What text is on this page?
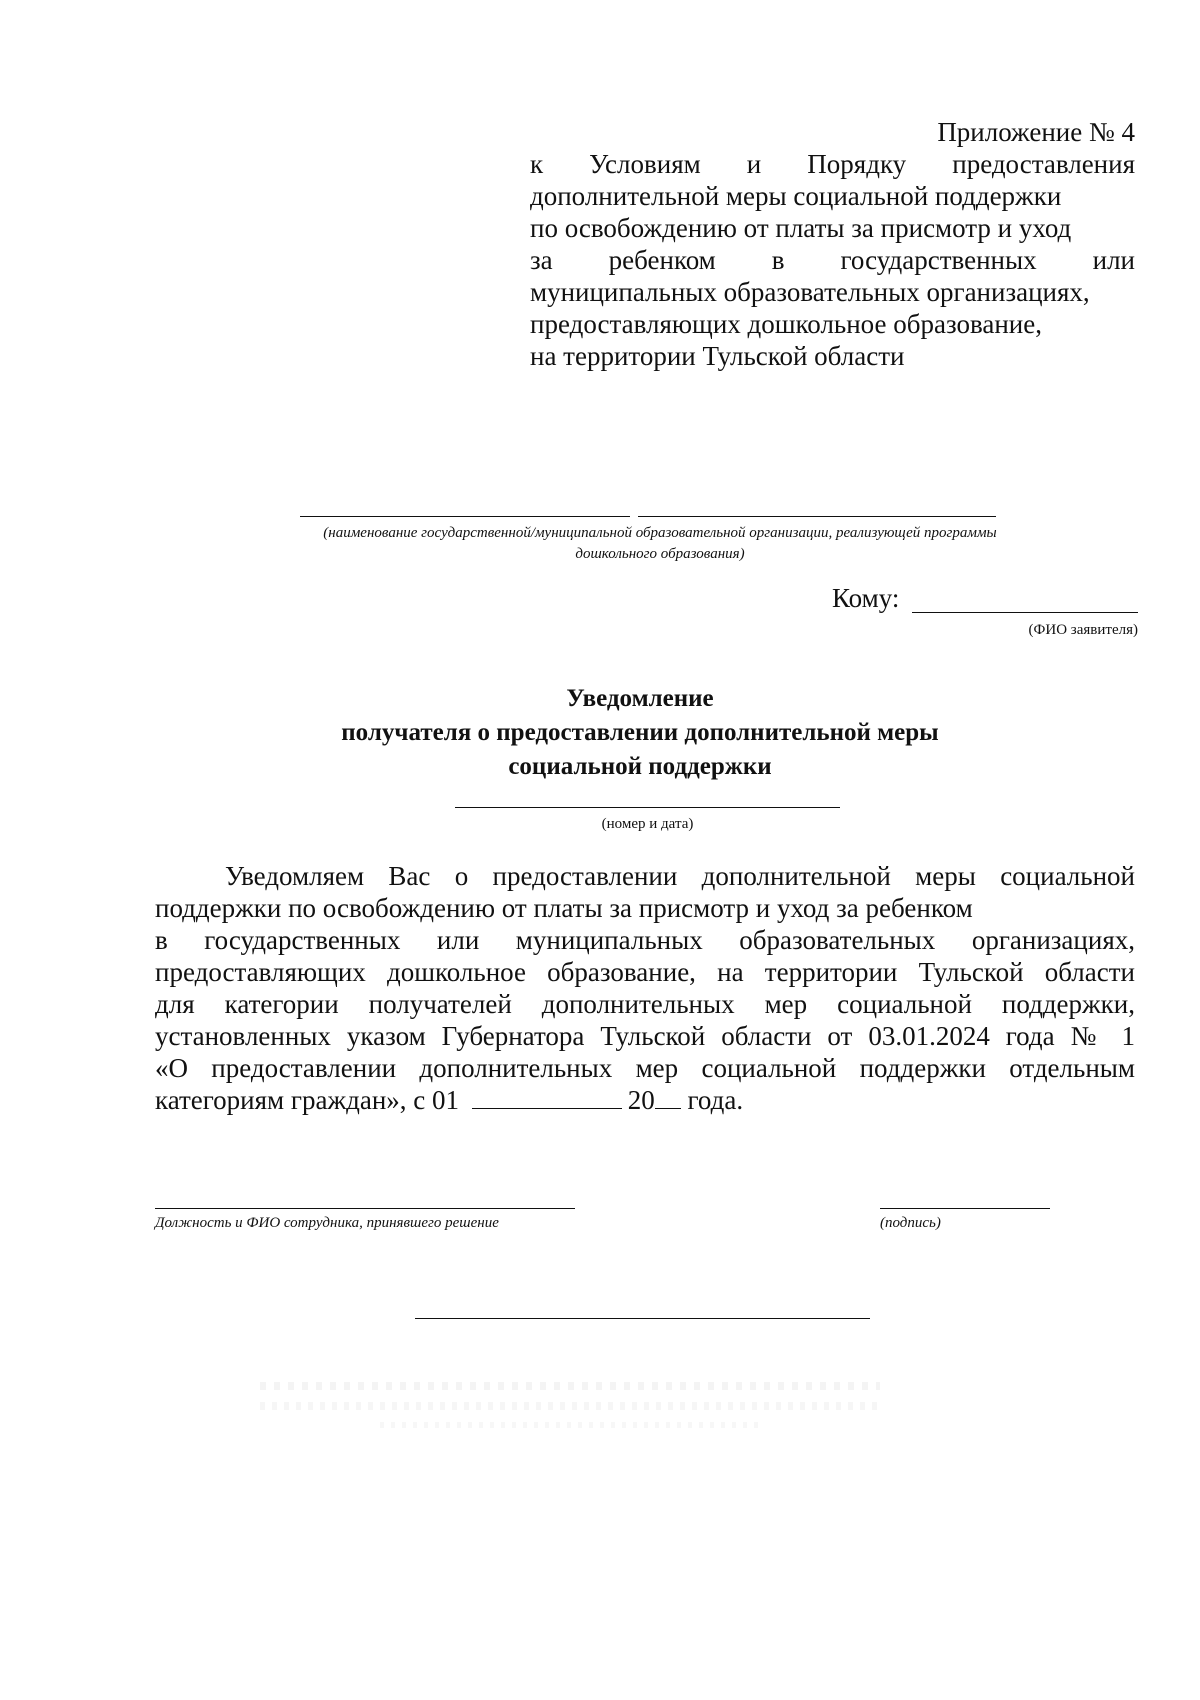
Приложение № 4
к Условиям и Порядку предоставления
дополнительной меры социальной поддержки
по освобождению от платы за присмотр и уход
за ребенком в государственных или
муниципальных образовательных организациях,
предоставляющих дошкольное образование,
на территории Тульской области
(наименование государственной/муниципальной образовательной организации, реализующей программы
дошкольного образования)
Кому:
(ФИО заявителя)
Уведомление
получателя о предоставлении дополнительной меры
социальной поддержки
(номер и дата)
Уведомляем Вас о предоставлении дополнительной меры социальной
поддержки по освобождению от платы за присмотр и уход за ребенком
в государственных или муниципальных образовательных организациях,
предоставляющих дошкольное образование, на территории Тульской области
для категории получателей дополнительных мер социальной поддержки,
установленных указом Губернатора Тульской области от 03.01.2024 года № 1
«О предоставлении дополнительных мер социальной поддержки отдельным
категориям граждан», с 01	20 года.
Должность и ФИО сотрудника, принявшего решение	(подпись)
